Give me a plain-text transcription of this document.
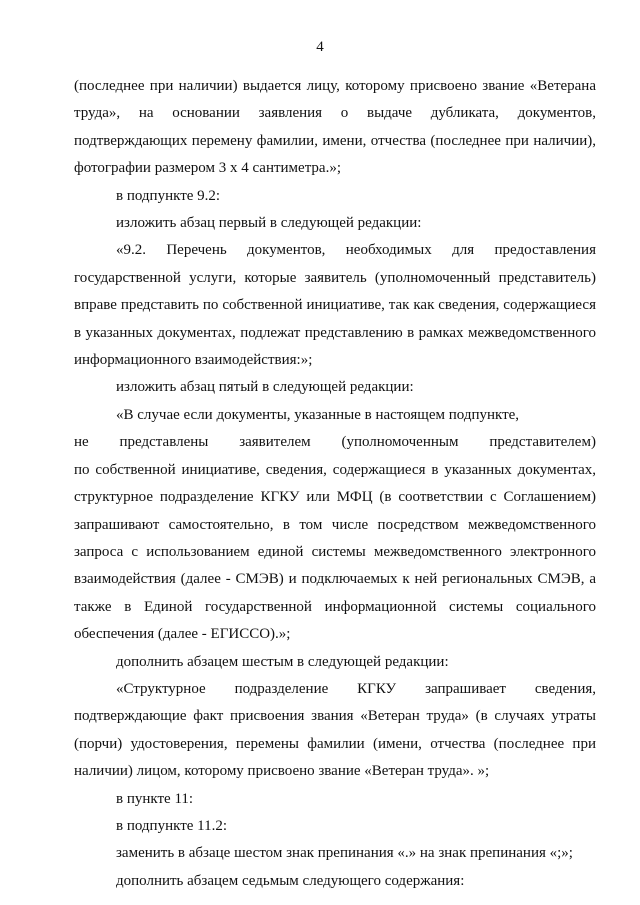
4

(последнее при наличии) выдается лицу, которому присвоено звание «Ветерана труда», на основании заявления о выдаче дубликата, документов, подтверждающих перемену фамилии, имени, отчества (последнее при наличии), фотографии размером 3 х 4 сантиметра.»;

в подпункте 9.2:

изложить абзац первый в следующей редакции:

«9.2. Перечень документов, необходимых для предоставления государственной услуги, которые заявитель (уполномоченный представитель) вправе представить по собственной инициативе, так как сведения, содержащиеся в указанных документах, подлежат представлению в рамках межведомственного информационного взаимодействия:»;

изложить абзац пятый в следующей редакции:

«В случае если документы, указанные в настоящем подпункте,

не представлены заявителем (уполномоченным представителем)

по собственной инициативе, сведения, содержащиеся в указанных документах, структурное подразделение КГКУ или МФЦ (в соответствии с Соглашением) запрашивают самостоятельно, в том числе посредством межведомственного запроса с использованием единой системы межведомственного электронного взаимодействия (далее - СМЭВ) и подключаемых к ней региональных СМЭВ, а также в Единой государственной информационной системы социального обеспечения (далее - ЕГИССО).»;

дополнить абзацем шестым в следующей редакции:

«Структурное подразделение КГКУ запрашивает сведения, подтверждающие факт присвоения звания «Ветеран труда» (в случаях утраты (порчи) удостоверения, перемены фамилии (имени, отчества (последнее при наличии) лицом, которому присвоено звание «Ветеран труда». »;

в пункте 11:

в подпункте 11.2:

заменить в абзаце шестом знак препинания «.» на знак препинания «;»;

дополнить абзацем седьмым следующего содержания:
